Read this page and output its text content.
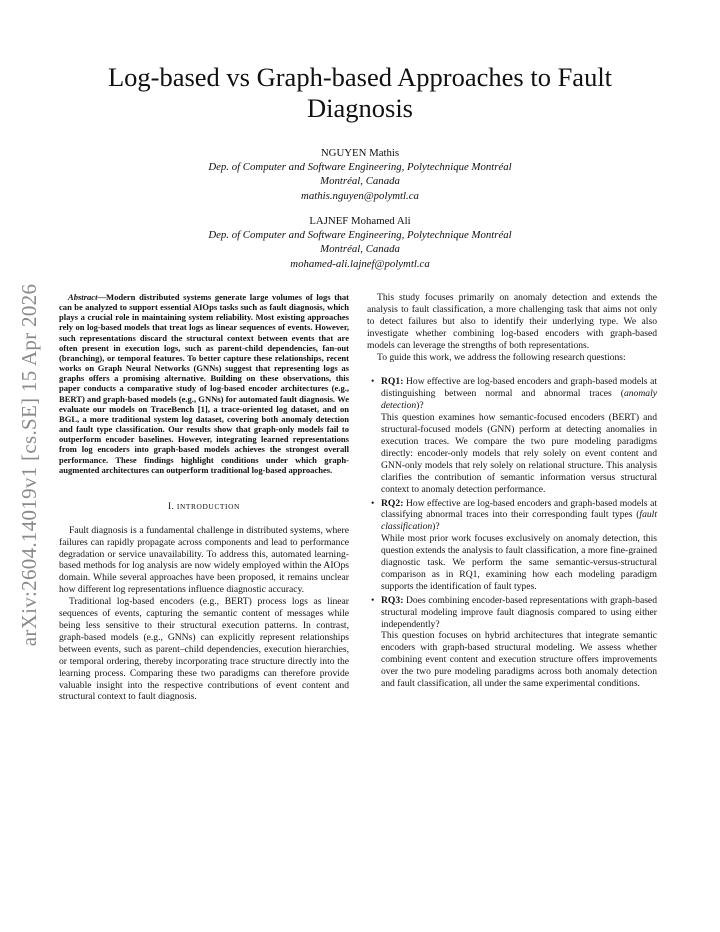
arXiv:2604.14019v1 [cs.SE] 15 Apr 2026
Log-based vs Graph-based Approaches to Fault Diagnosis
NGUYEN Mathis
Dep. of Computer and Software Engineering, Polytechnique Montréal
Montréal, Canada
mathis.nguyen@polymtl.ca
LAJNEF Mohamed Ali
Dep. of Computer and Software Engineering, Polytechnique Montréal
Montréal, Canada
mohamed-ali.lajnef@polymtl.ca

Abstract—Modern distributed systems generate large volumes of logs that can be analyzed to support essential AIOps tasks such as fault diagnosis, which plays a crucial role in maintaining system reliability. Most existing approaches rely on log-based models that treat logs as linear sequences of events. However, such representations discard the structural context between events that are often present in execution logs, such as parent-child dependencies, fan-out (branching), or temporal features. To better capture these relationships, recent works on Graph Neural Networks (GNNs) suggest that representing logs as graphs offers a promising alternative. Building on these observations, this paper conducts a comparative study of log-based encoder architectures (e.g., BERT) and graph-based models (e.g., GNNs) for automated fault diagnosis. We evaluate our models on TraceBench [1], a trace-oriented log dataset, and on BGL, a more traditional system log dataset, covering both anomaly detection and fault type classification. Our results show that graph-only models fail to outperform encoder baselines. However, integrating learned representations from log encoders into graph-based models achieves the strongest overall performance. These findings highlight conditions under which graph-augmented architectures can outperform traditional log-based approaches.

I. INTRODUCTION

Fault diagnosis is a fundamental challenge in distributed systems, where failures can rapidly propagate across components and lead to performance degradation or service unavailability. To address this, automated learning-based methods for log analysis are now widely employed within the AIOps domain. While several approaches have been proposed, it remains unclear how different log representations influence diagnostic accuracy.

Traditional log-based encoders (e.g., BERT) process logs as linear sequences of events, capturing the semantic content of messages while being less sensitive to their structural execution patterns. In contrast, graph-based models (e.g., GNNs) can explicitly represent relationships between events, such as parent–child dependencies, execution hierarchies, or temporal ordering, thereby incorporating trace structure directly into the learning process. Comparing these two paradigms can therefore provide valuable insight into the respective contributions of event content and structural context to fault diagnosis.

This study focuses primarily on anomaly detection and extends the analysis to fault classification, a more challenging task that aims not only to detect failures but also to identify their underlying type. We also investigate whether combining log-based encoders with graph-based models can leverage the strengths of both representations.

To guide this work, we address the following research questions:

• RQ1: How effective are log-based encoders and graph-based models at distinguishing between normal and abnormal traces (anomaly detection)?
This question examines how semantic-focused encoders (BERT) and structural-focused models (GNN) perform at detecting anomalies in execution traces. We compare the two pure modeling paradigms directly: encoder-only models that rely solely on event content and GNN-only models that rely solely on relational structure. This analysis clarifies the contribution of semantic information versus structural context to anomaly detection performance.
• RQ2: How effective are log-based encoders and graph-based models at classifying abnormal traces into their corresponding fault types (fault classification)?
While most prior work focuses exclusively on anomaly detection, this question extends the analysis to fault classification, a more fine-grained diagnostic task. We perform the same semantic-versus-structural comparison as in RQ1, examining how each modeling paradigm supports the identification of fault types.
• RQ3: Does combining encoder-based representations with graph-based structural modeling improve fault diagnosis compared to using either independently?
This question focuses on hybrid architectures that integrate semantic encoders with graph-based structural modeling. We assess whether combining event content and execution structure offers improvements over the two pure modeling paradigms across both anomaly detection and fault classification, all under the same experimental conditions.
